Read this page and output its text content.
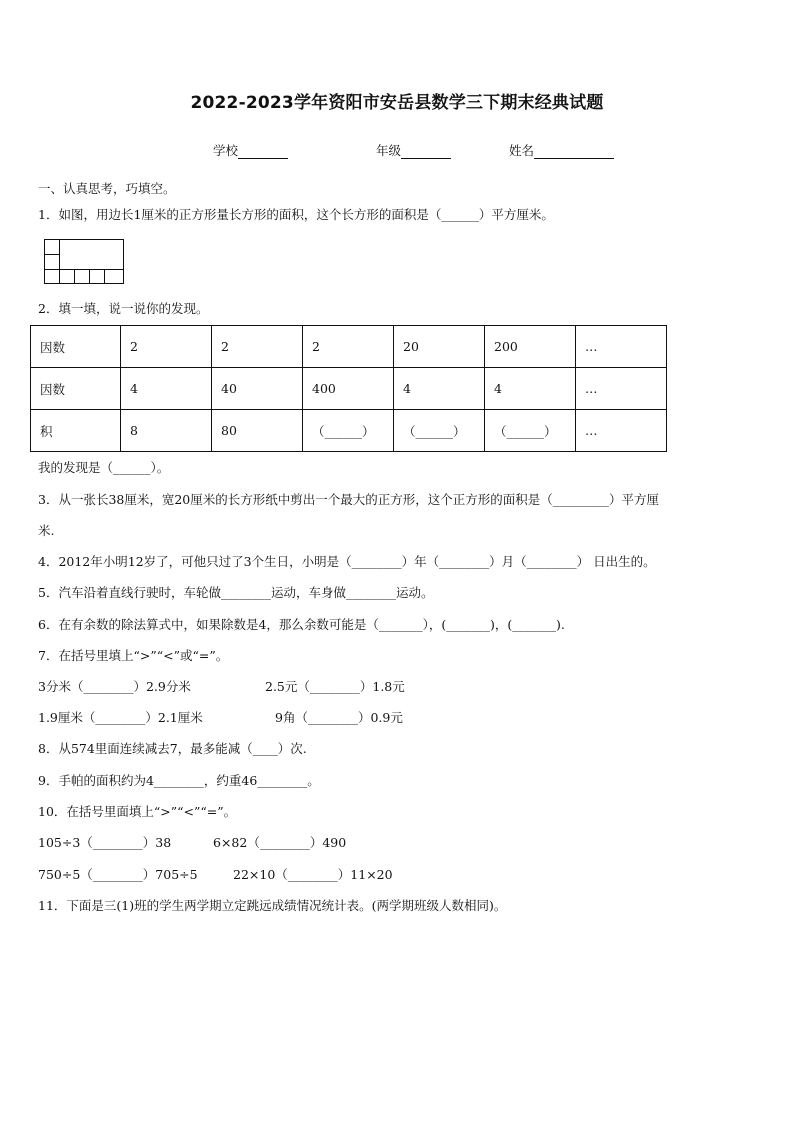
2022-2023学年资阳市安岳县数学三下期末经典试题
学校	年级	姓名
一、认真思考，巧填空。
1．如图，用边长1厘米的正方形量长方形的面积，这个长方形的面积是（______）平方厘米。
2．填一填，说一说你的发现。
因数	2	2	2	20	200	…
因数	4	40	400	4	4	…
积	8	80	（______）	（______）	（______）	…
我的发现是（______）。
3．从一张长38厘米，宽20厘米的长方形纸中剪出一个最大的正方形，这个正方形的面积是（_________）平方厘
米.
4．2012年小明12岁了，可他只过了3个生日，小明是（________）年（________）月（________） 日出生的。
5．汽车沿着直线行驶时，车轮做________运动，车身做________运动。
6．在有余数的除法算式中，如果除数是4，那么余数可能是（_______），(_______)，(_______).
7．在括号里填上“>”“<”或“=”。
3分米（________）2.9分米	2.5元（________）1.8元
1.9厘米（________）2.1厘米	9角（________）0.9元
8．从574里面连续减去7，最多能减（____）次.
9．手帕的面积约为4________，约重46________。
10．在括号里面填上“>”“<”“=”。
105÷3（________）38	6×82（________）490
750÷5（________）705÷5	22×10（________）11×20
11．下面是三(1)班的学生两学期立定跳远成绩情况统计表。(两学期班级人数相同)。
